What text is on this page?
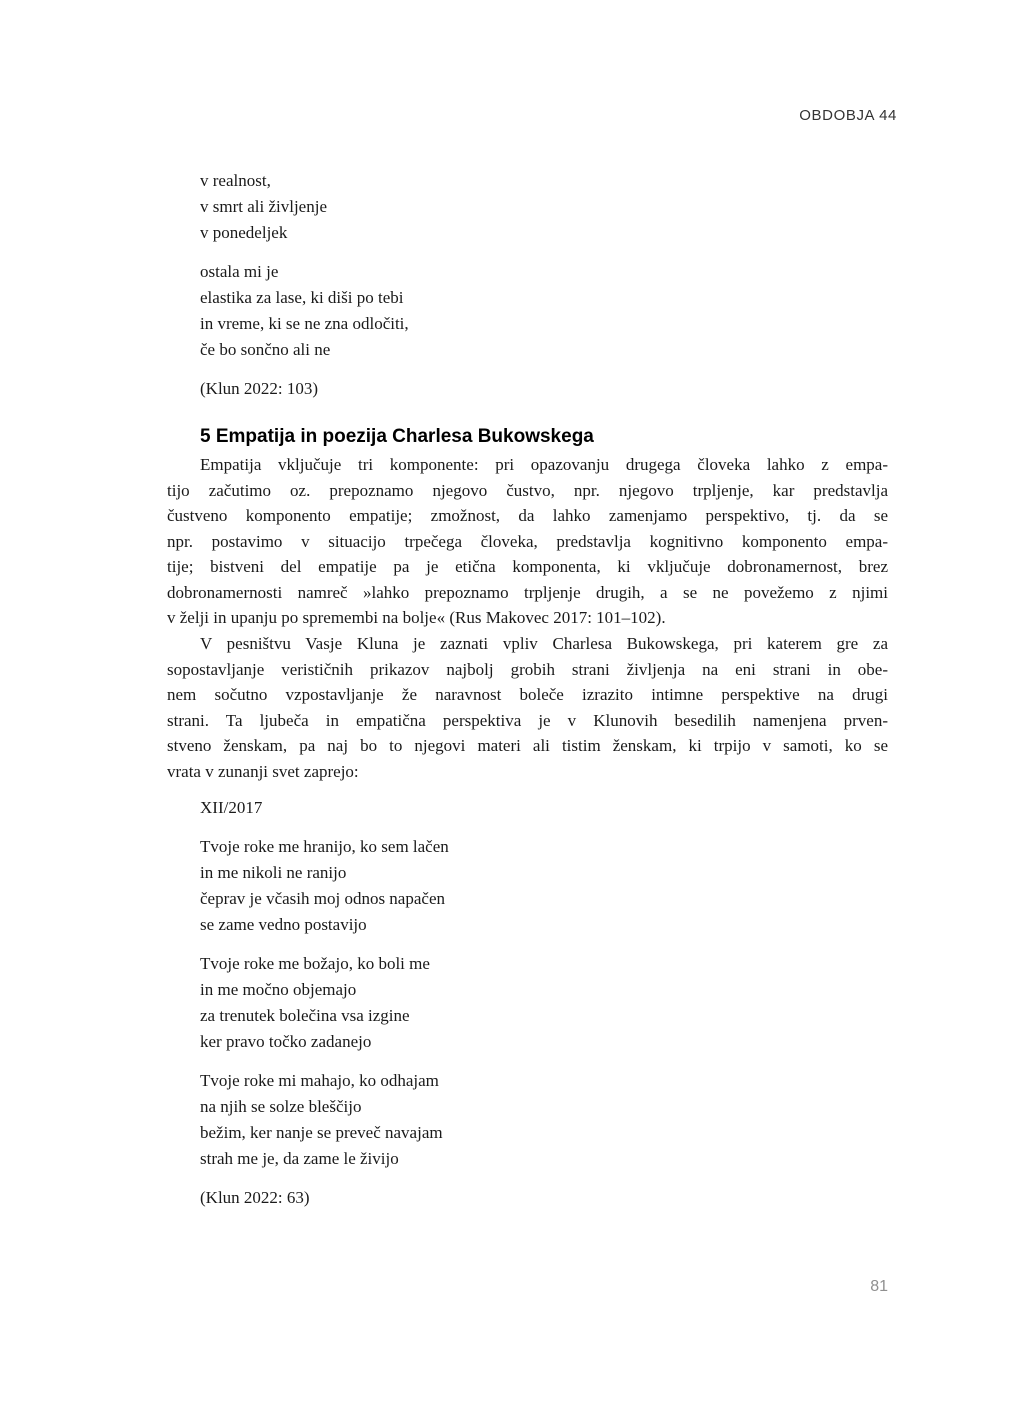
OBDOBJA 44
v realnost,
v smrt ali življenje
v ponedeljek
ostala mi je
elastika za lase, ki diši po tebi
in vreme, ki se ne zna odločiti,
če bo sončno ali ne
(Klun 2022: 103)
5 Empatija in poezija Charlesa Bukowskega
Empatija vključuje tri komponente: pri opazovanju drugega človeka lahko z empa-
tijo začutimo oz. prepoznamo njegovo čustvo, npr. njegovo trpljenje, kar predstavlja
čustveno komponento empatije; zmožnost, da lahko zamenjamo perspektivo, tj. da se
npr. postavimo v situacijo trpečega človeka, predstavlja kognitivno komponento empa-
tije; bistveni del empatije pa je etična komponenta, ki vključuje dobronamernost, brez
dobronamernosti namreč »lahko prepoznamo trpljenje drugih, a se ne povežemo z njimi
v želji in upanju po spremembi na bolje« (Rus Makovec 2017: 101–102).
V pesništvu Vasje Kluna je zaznati vpliv Charlesa Bukowskega, pri katerem gre za
sopostavljanje verističnih prikazov najbolj grobih strani življenja na eni strani in obe-
nem sočutno vzpostavljanje že naravnost boleče izrazito intimne perspektive na drugi
strani. Ta ljubeča in empatična perspektiva je v Klunovih besedilih namenjena prven-
stveno ženskam, pa naj bo to njegovi materi ali tistim ženskam, ki trpijo v samoti, ko se
vrata v zunanji svet zaprejo:
XII/2017
Tvoje roke me hranijo, ko sem lačen
in me nikoli ne ranijo
čeprav je včasih moj odnos napačen
se zame vedno postavijo
Tvoje roke me božajo, ko boli me
in me močno objemajo
za trenutek bolečina vsa izgine
ker pravo točko zadanejo
Tvoje roke mi mahajo, ko odhajam
na njih se solze bleščijo
bežim, ker nanje se preveč navajam
strah me je, da zame le živijo
(Klun 2022: 63)
81
